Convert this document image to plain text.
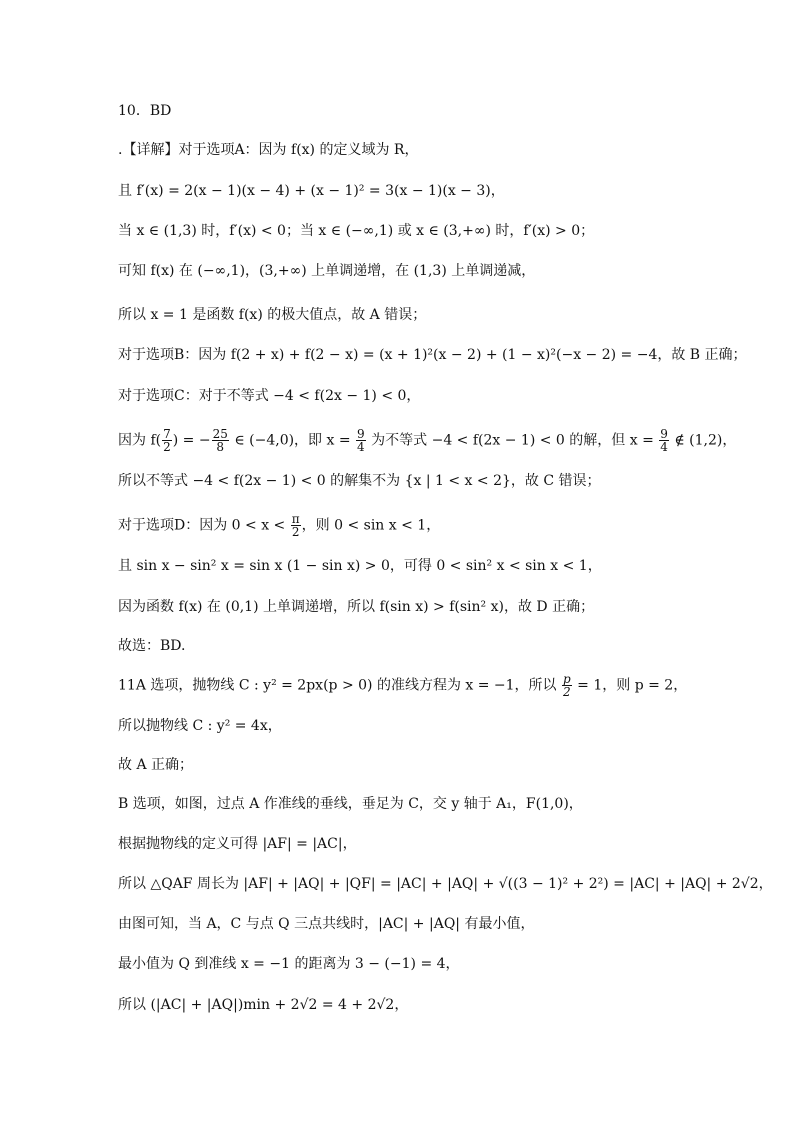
10．BD
.【详解】对于选项A：因为 f(x) 的定义域为 R，
且 f′(x) = 2(x − 1)(x − 4) + (x − 1)² = 3(x − 1)(x − 3)，
当 x ∈ (1,3) 时，f′(x) < 0；当 x ∈ (−∞,1) 或 x ∈ (3,+∞) 时，f′(x) > 0；
可知 f(x) 在 (−∞,1)，(3,+∞) 上单调递增，在 (1,3) 上单调递减，
所以 x = 1 是函数 f(x) 的极大值点，故 A 错误；
对于选项B：因为 f(2 + x) + f(2 − x) = (x + 1)²(x − 2) + (1 − x)²(−x − 2) = −4，故 B 正确；
对于选项C：对于不等式 −4 < f(2x − 1) < 0，
因为 $f( \frac{7}{2}$ ) = − $\frac{25}{8}$ ∈ (−4,0)，即 $x = \frac{9}{4}$ 为不等式 −4 < f(2x − 1) < 0 的解，但 $x = \frac{9}{4}$ ∉ (1,2)，
所以不等式 −4 < f(2x − 1) < 0 的解集不为 {x | 1 < x < 2}，故 C 错误；
对于选项D：因为 $0 < x < \frac{\pi}{2}$ ，则 0 < sin x < 1，
且 sin x − sin² x = sin x (1 − sin x) > 0，可得 0 < sin² x < sin x < 1，
因为函数 f(x) 在 (0,1) 上单调递增，所以 f(sin x) > f(sin² x)，故 D 正确；
故选：BD.
11A 选项，抛物线 C : y² = 2px(p > 0) 的准线方程为 x = −1，所以 $\frac{p}{2} = 1$，则 p = 2，
所以抛物线 C : y² = 4x，
故 A 正确；
B 选项，如图，过点 A 作准线的垂线，垂足为 C，交 y 轴于 A₁，F(1,0)，
根据抛物线的定义可得 |AF| = |AC|，
所以 △QAF 周长为 |AF| + |AQ| + |QF| = |AC| + |AQ| + √((3 − 1)² + 2²) = |AC| + |AQ| + 2√2，
由图可知，当 A，C 与点 Q 三点共线时，|AC| + |AQ| 有最小值，
最小值为 Q 到准线 x = −1 的距离为 3 − (−1) = 4，
所以 (|AC| + |AQ|)min + 2√2 = 4 + 2√2，
